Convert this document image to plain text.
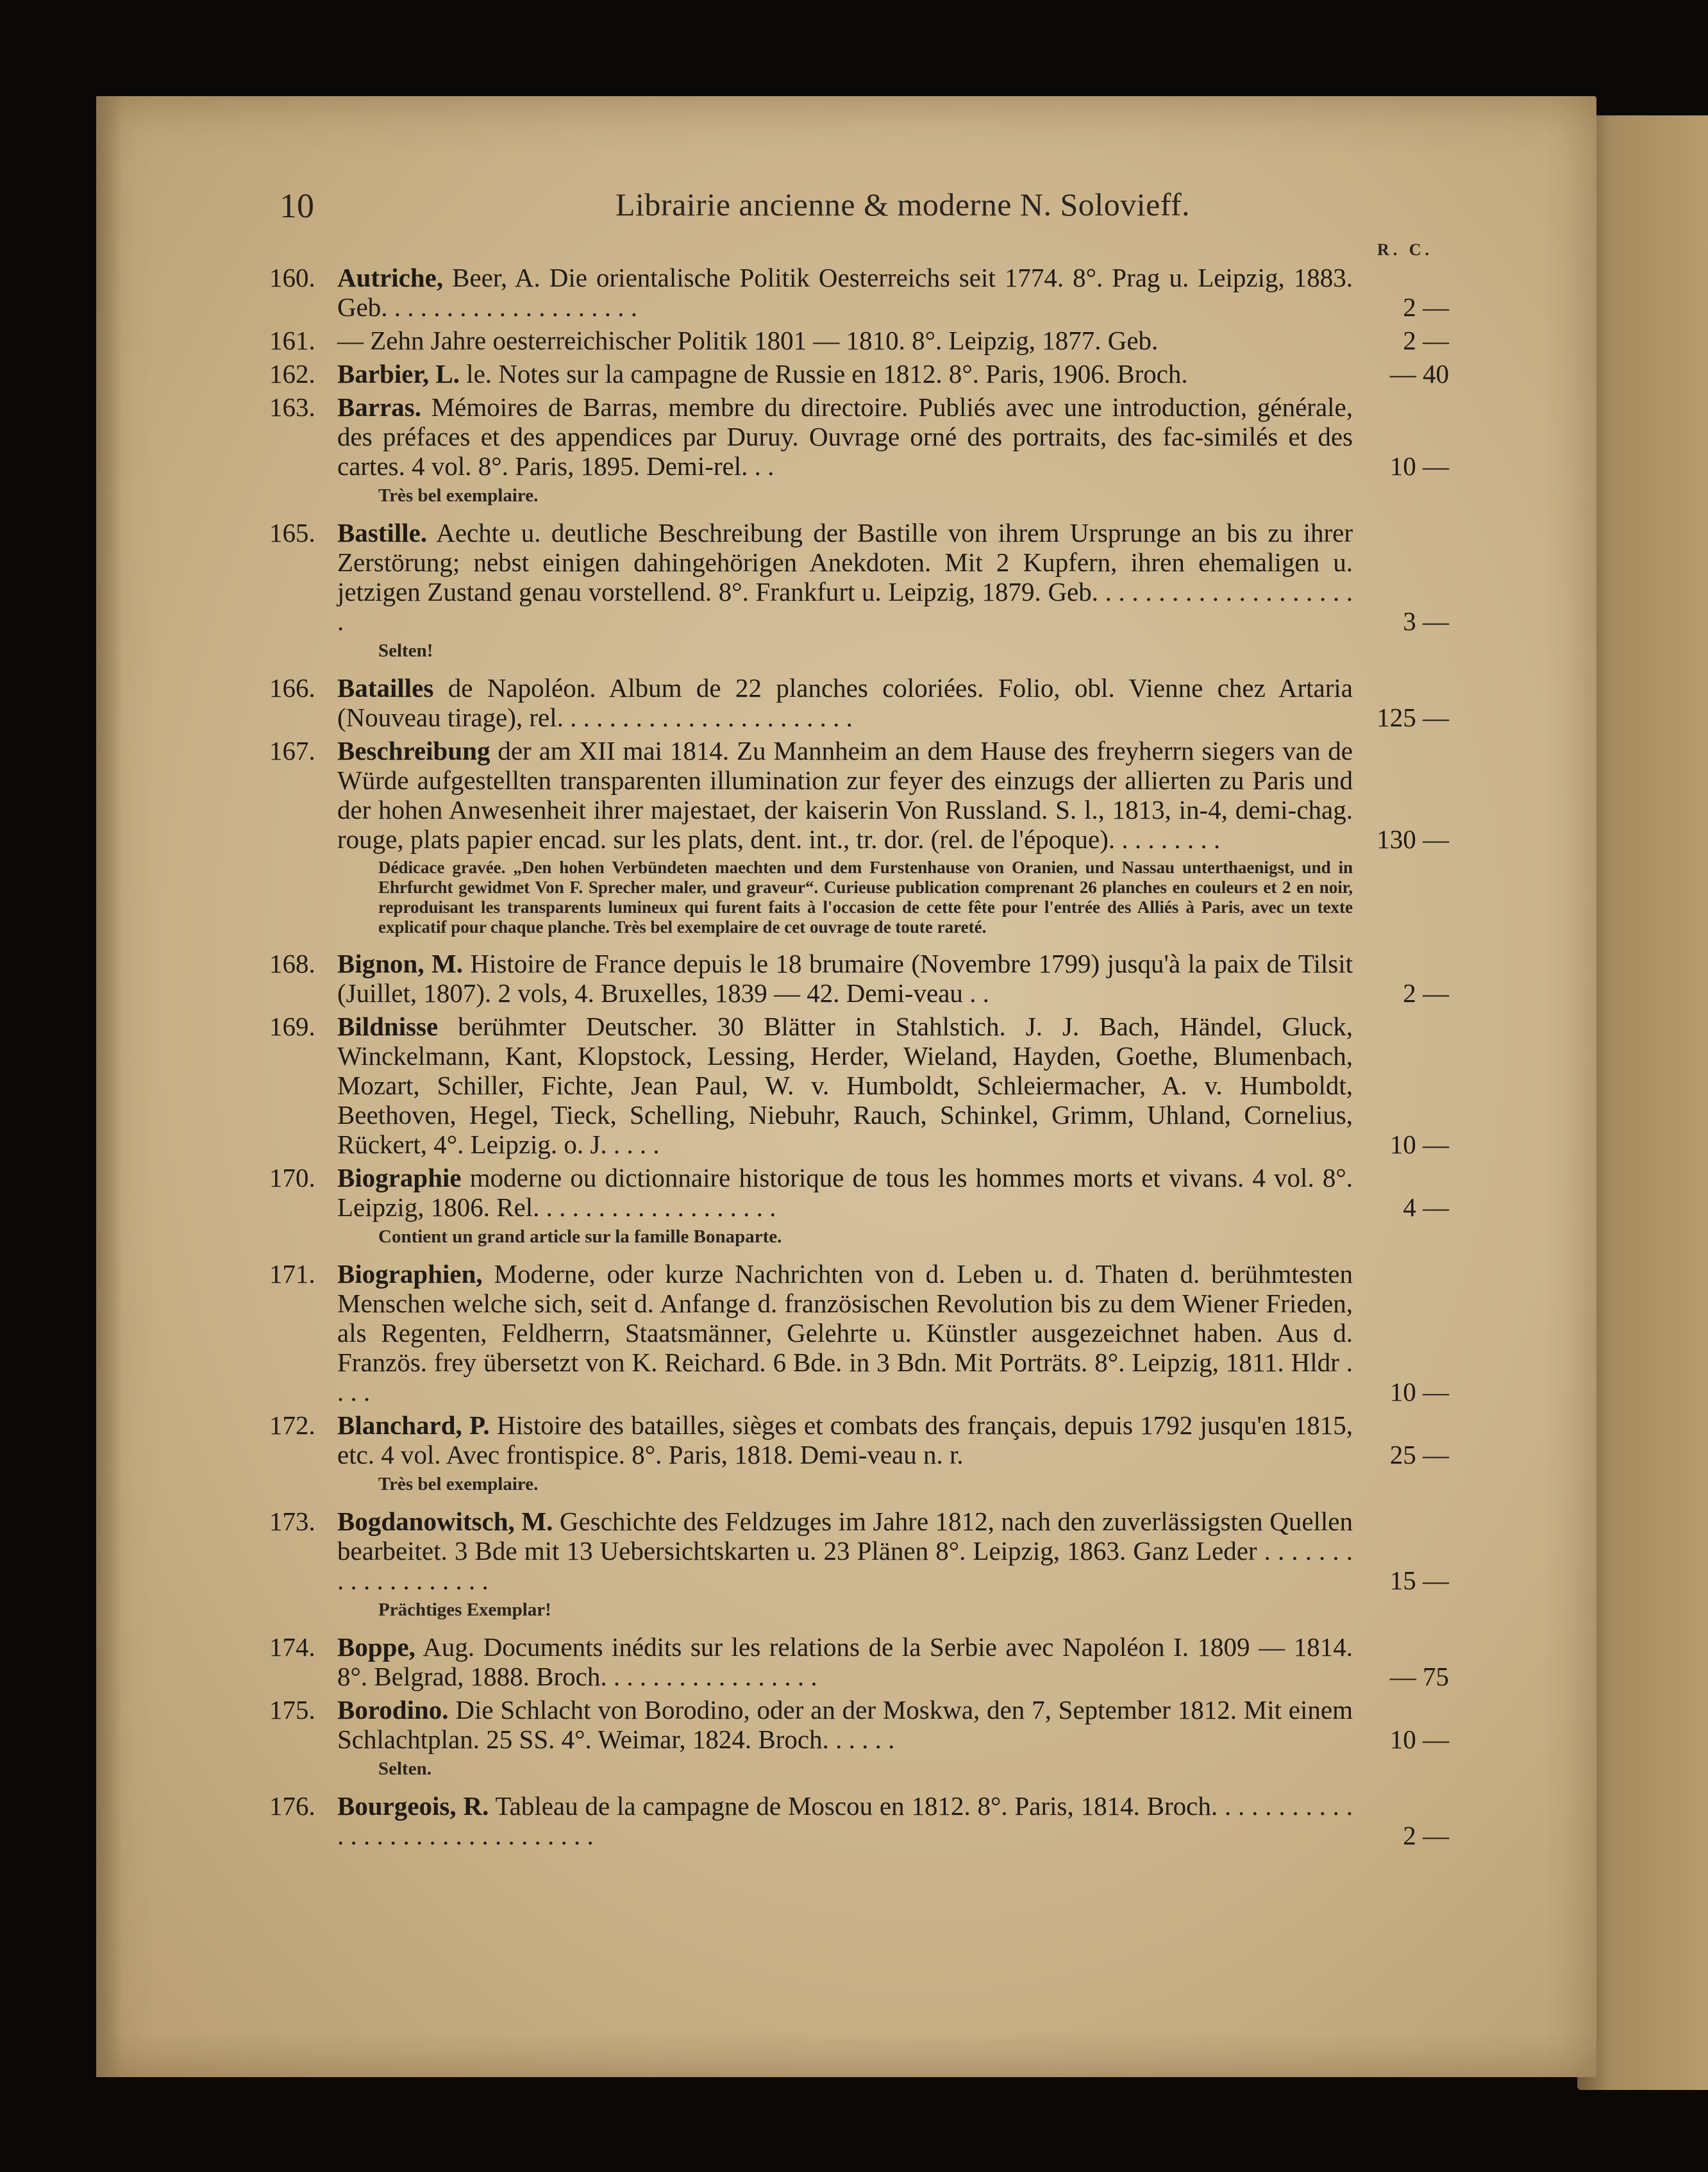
10	Librairie ancienne & moderne N. Solovieff.
R. C.
160. Autriche, Beer, A. Die orientalische Politik Oesterreichs seit 1774. 8°. Prag u. Leipzig, 1883. Geb. . . . . . . . . . . . . . . . . . . .	2 —
161. — Zehn Jahre oesterreichischer Politik 1801 — 1810. 8°. Leipzig, 1877. Geb.	2 —
162. Barbier, L. le. Notes sur la campagne de Russie en 1812. 8°. Paris, 1906. Broch.	— 40
163. Barras. Mémoires de Barras, membre du directoire. Publiés avec une introduction, générale, des préfaces et des appendices par Duruy. Ouvrage orné des portraits, des fac-similés et des cartes. 4 vol. 8°. Paris, 1895. Demi-rel. . .	10 —
Très bel exemplaire.
165. Bastille. Aechte u. deutliche Beschreibung der Bastille von ihrem Ursprunge an bis zu ihrer Zerstörung; nebst einigen dahingehörigen Anekdoten. Mit 2 Kupfern, ihren ehemaligen u. jetzigen Zustand genau vorstellend. 8°. Frankfurt u. Leipzig, 1879. Geb. . . . . . . . . . . . . . . . . . . . .	3 —
Selten!
166. Batailles de Napoléon. Album de 22 planches coloriées. Folio, obl. Vienne chez Artaria (Nouveau tirage), rel. . . . . . . . . . . . . . . . . . . . . . .	125 —
167. Beschreibung der am XII mai 1814. Zu Mannheim an dem Hause des freyherrn siegers van de Würde aufgestellten transparenten illumination zur feyer des einzugs der allierten zu Paris und der hohen Anwesenheit ihrer majestaet, der kaiserin Von Russland. S. l., 1813, in-4, demi-chag. rouge, plats papier encad. sur les plats, dent. int., tr. dor. (rel. de l'époque). . . . . . . . .	130 —
Dédicace gravée. „Den hohen Verbündeten maechten und dem Furstenhause von Oranien, und Nassau unterthaenigst, und in Ehrfurcht gewidmet Von F. Sprecher maler, und graveur“. Curieuse publication comprenant 26 planches en couleurs et 2 en noir, reproduisant les transparents lumineux qui furent faits à l'occasion de cette fête pour l'entrée des Alliés à Paris, avec un texte explicatif pour chaque planche. Très bel exemplaire de cet ouvrage de toute rareté.
168. Bignon, M. Histoire de France depuis le 18 brumaire (Novembre 1799) jusqu'à la paix de Tilsit (Juillet, 1807). 2 vols, 4. Bruxelles, 1839 — 42. Demi-veau . .	2 —
169. Bildnisse berühmter Deutscher. 30 Blätter in Stahlstich. J. J. Bach, Händel, Gluck, Winckelmann, Kant, Klopstock, Lessing, Herder, Wieland, Hayden, Goethe, Blumenbach, Mozart, Schiller, Fichte, Jean Paul, W. v. Humboldt, Schleiermacher, A. v. Humboldt, Beethoven, Hegel, Tieck, Schelling, Niebuhr, Rauch, Schinkel, Grimm, Uhland, Cornelius, Rückert, 4°. Leipzig. o. J. . . . .	10 —
170. Biographie moderne ou dictionnaire historique de tous les hommes morts et vivans. 4 vol. 8°. Leipzig, 1806. Rel. . . . . . . . . . . . . . . . . . .	4 —
Contient un grand article sur la famille Bonaparte.
171. Biographien, Moderne, oder kurze Nachrichten von d. Leben u. d. Thaten d. berühmtesten Menschen welche sich, seit d. Anfange d. französischen Revolution bis zu dem Wiener Frieden, als Regenten, Feldherrn, Staatsmänner, Gelehrte u. Künstler ausgezeichnet haben. Aus d. Französ. frey übersetzt von K. Reichard. 6 Bde. in 3 Bdn. Mit Porträts. 8°. Leipzig, 1811. Hldr . . . .	10 —
172. Blanchard, P. Histoire des batailles, sièges et combats des français, depuis 1792 jusqu'en 1815, etc. 4 vol. Avec frontispice. 8°. Paris, 1818. Demi-veau n. r.	25 —
Très bel exemplaire.
173. Bogdanowitsch, M. Geschichte des Feldzuges im Jahre 1812, nach den zuverlässigsten Quellen bearbeitet. 3 Bde mit 13 Uebersichtskarten u. 23 Plänen 8°. Leipzig, 1863. Ganz Leder . . . . . . . . . . . . . . . . . . .	15 —
Prächtiges Exemplar!
174. Boppe, Aug. Documents inédits sur les relations de la Serbie avec Napoléon I. 1809 — 1814. 8°. Belgrad, 1888. Broch. . . . . . . . . . . . . . . . .	— 75
175. Borodino. Die Schlacht von Borodino, oder an der Moskwa, den 7, September 1812. Mit einem Schlachtplan. 25 SS. 4°. Weimar, 1824. Broch. . . . . .	10 —
Selten.
176. Bourgeois, R. Tableau de la campagne de Moscou en 1812. 8°. Paris, 1814. Broch. . . . . . . . . . . . . . . . . . . . . . . . . . . . . . .	2 —
